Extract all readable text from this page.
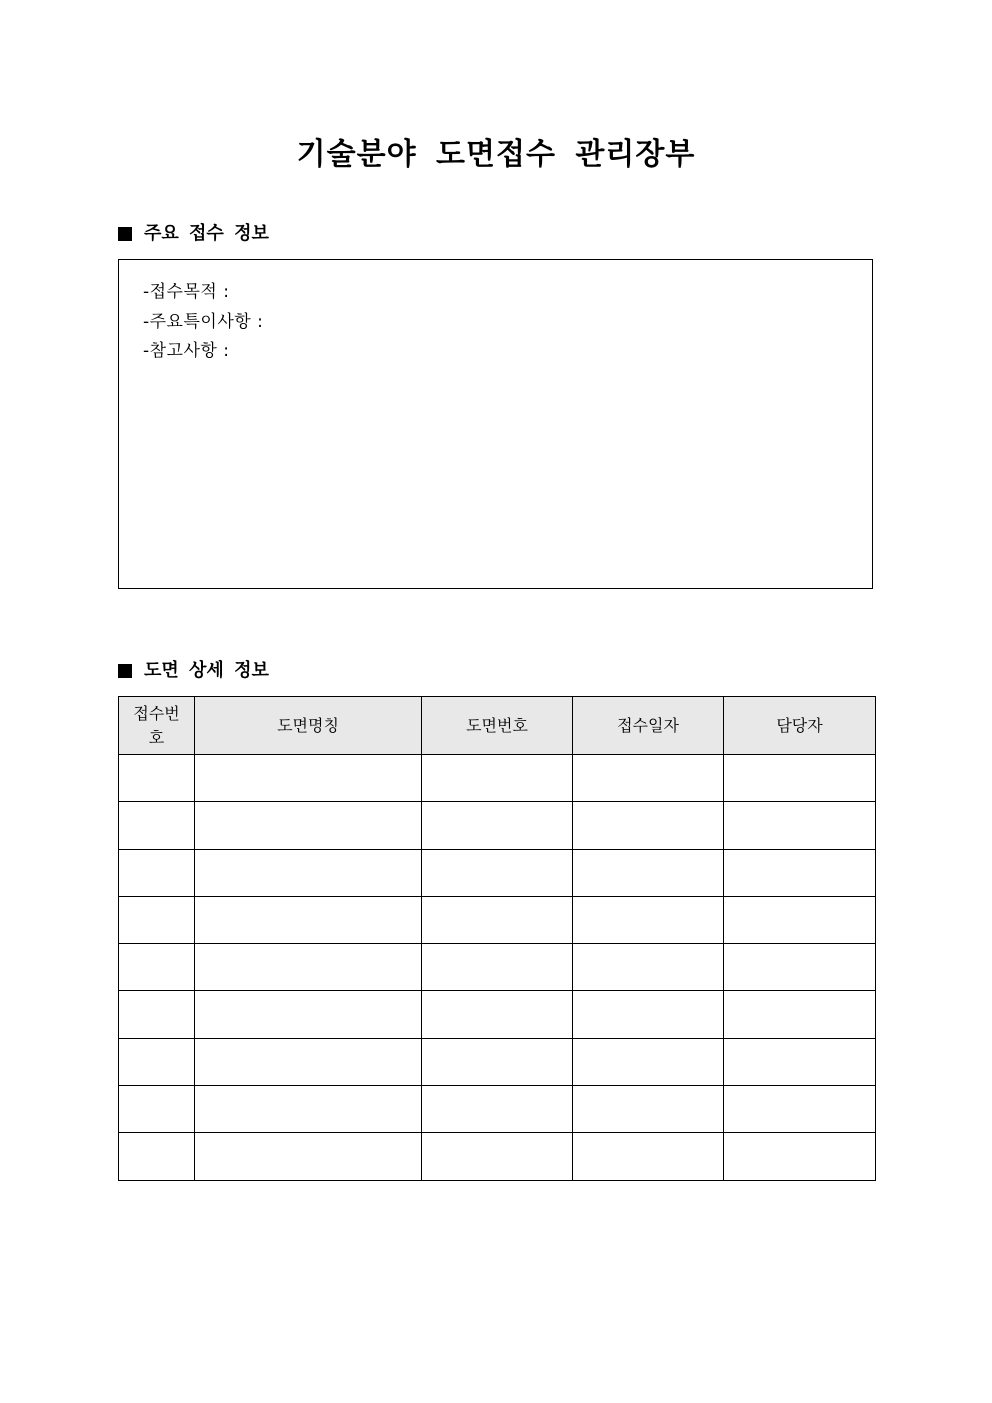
기술분야 도면접수 관리장부
주요 접수 정보
-접수목적 :
-주요특이사항 :
-참고사항 :
도면 상세 정보
접수번호	도면명칭	도면번호	접수일자	담당자
